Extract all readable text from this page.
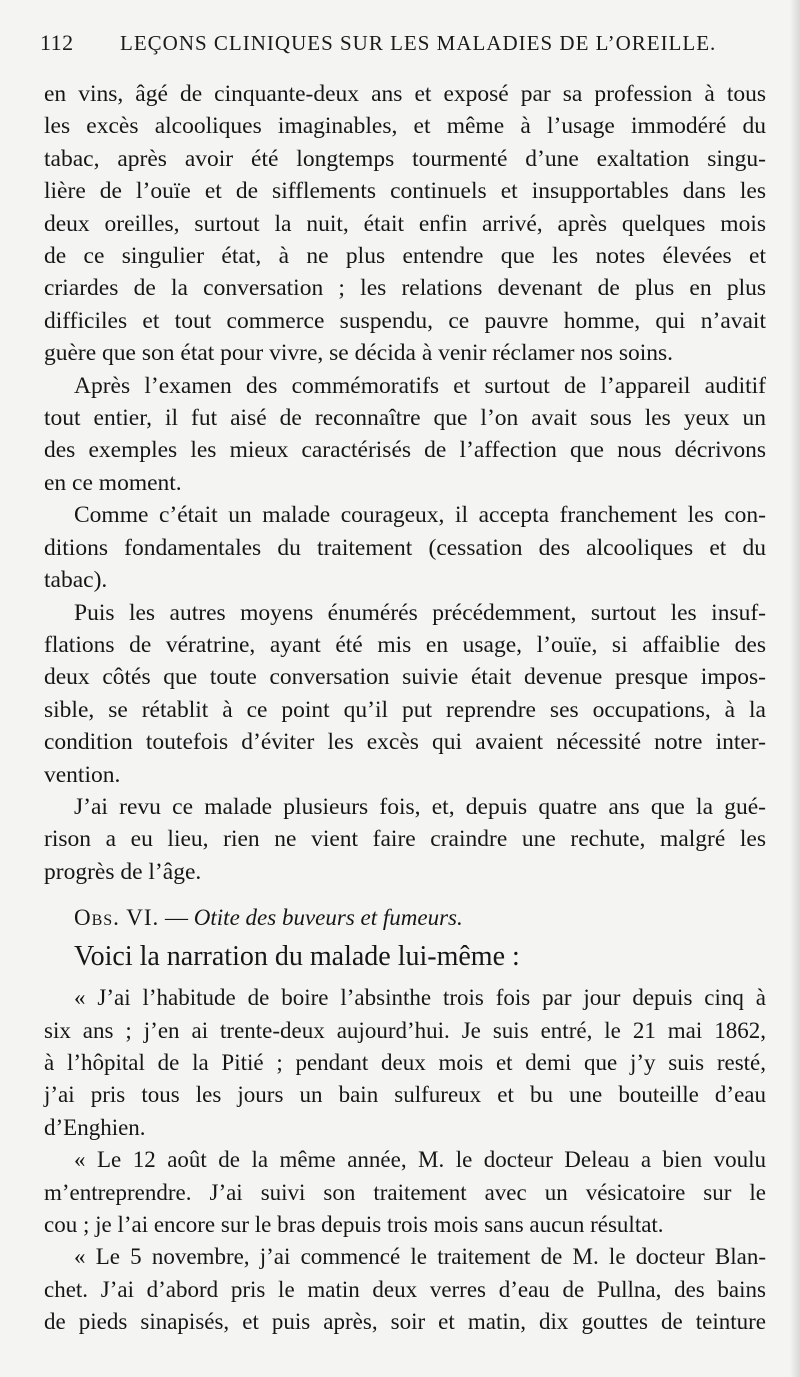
112 LEÇONS CLINIQUES SUR LES MALADIES DE L’OREILLE.
en vins, âgé de cinquante-deux ans et exposé par sa profession à tous
les excès alcooliques imaginables, et même à l’usage immodéré du
tabac, après avoir été longtemps tourmenté d’une exaltation singu-
lière de l’ouïe et de sifflements continuels et insupportables dans les
deux oreilles, surtout la nuit, était enfin arrivé, après quelques mois
de ce singulier état, à ne plus entendre que les notes élevées et
criardes de la conversation ; les relations devenant de plus en plus
difficiles et tout commerce suspendu, ce pauvre homme, qui n’avait
guère que son état pour vivre, se décida à venir réclamer nos soins.
Après l’examen des commémoratifs et surtout de l’appareil auditif
tout entier, il fut aisé de reconnaître que l’on avait sous les yeux un
des exemples les mieux caractérisés de l’affection que nous décrivons
en ce moment.
Comme c’était un malade courageux, il accepta franchement les con-
ditions fondamentales du traitement (cessation des alcooliques et du
tabac).
Puis les autres moyens énumérés précédemment, surtout les insuf-
flations de vératrine, ayant été mis en usage, l’ouïe, si affaiblie des
deux côtés que toute conversation suivie était devenue presque impos-
sible, se rétablit à ce point qu’il put reprendre ses occupations, à la
condition toutefois d’éviter les excès qui avaient nécessité notre inter-
vention.
J’ai revu ce malade plusieurs fois, et, depuis quatre ans que la gué-
rison a eu lieu, rien ne vient faire craindre une rechute, malgré les
progrès de l’âge.
Obs. VI. — Otite des buveurs et fumeurs.
Voici la narration du malade lui-même :
« J’ai l’habitude de boire l’absinthe trois fois par jour depuis cinq à
six ans ; j’en ai trente-deux aujourd’hui. Je suis entré, le 21 mai 1862,
à l’hôpital de la Pitié ; pendant deux mois et demi que j’y suis resté,
j’ai pris tous les jours un bain sulfureux et bu une bouteille d’eau
d’Enghien.
« Le 12 août de la même année, M. le docteur Deleau a bien voulu
m’entreprendre. J’ai suivi son traitement avec un vésicatoire sur le
cou ; je l’ai encore sur le bras depuis trois mois sans aucun résultat.
« Le 5 novembre, j’ai commencé le traitement de M. le docteur Blan-
chet. J’ai d’abord pris le matin deux verres d’eau de Pullna, des bains
de pieds sinapisés, et puis après, soir et matin, dix gouttes de teinture
